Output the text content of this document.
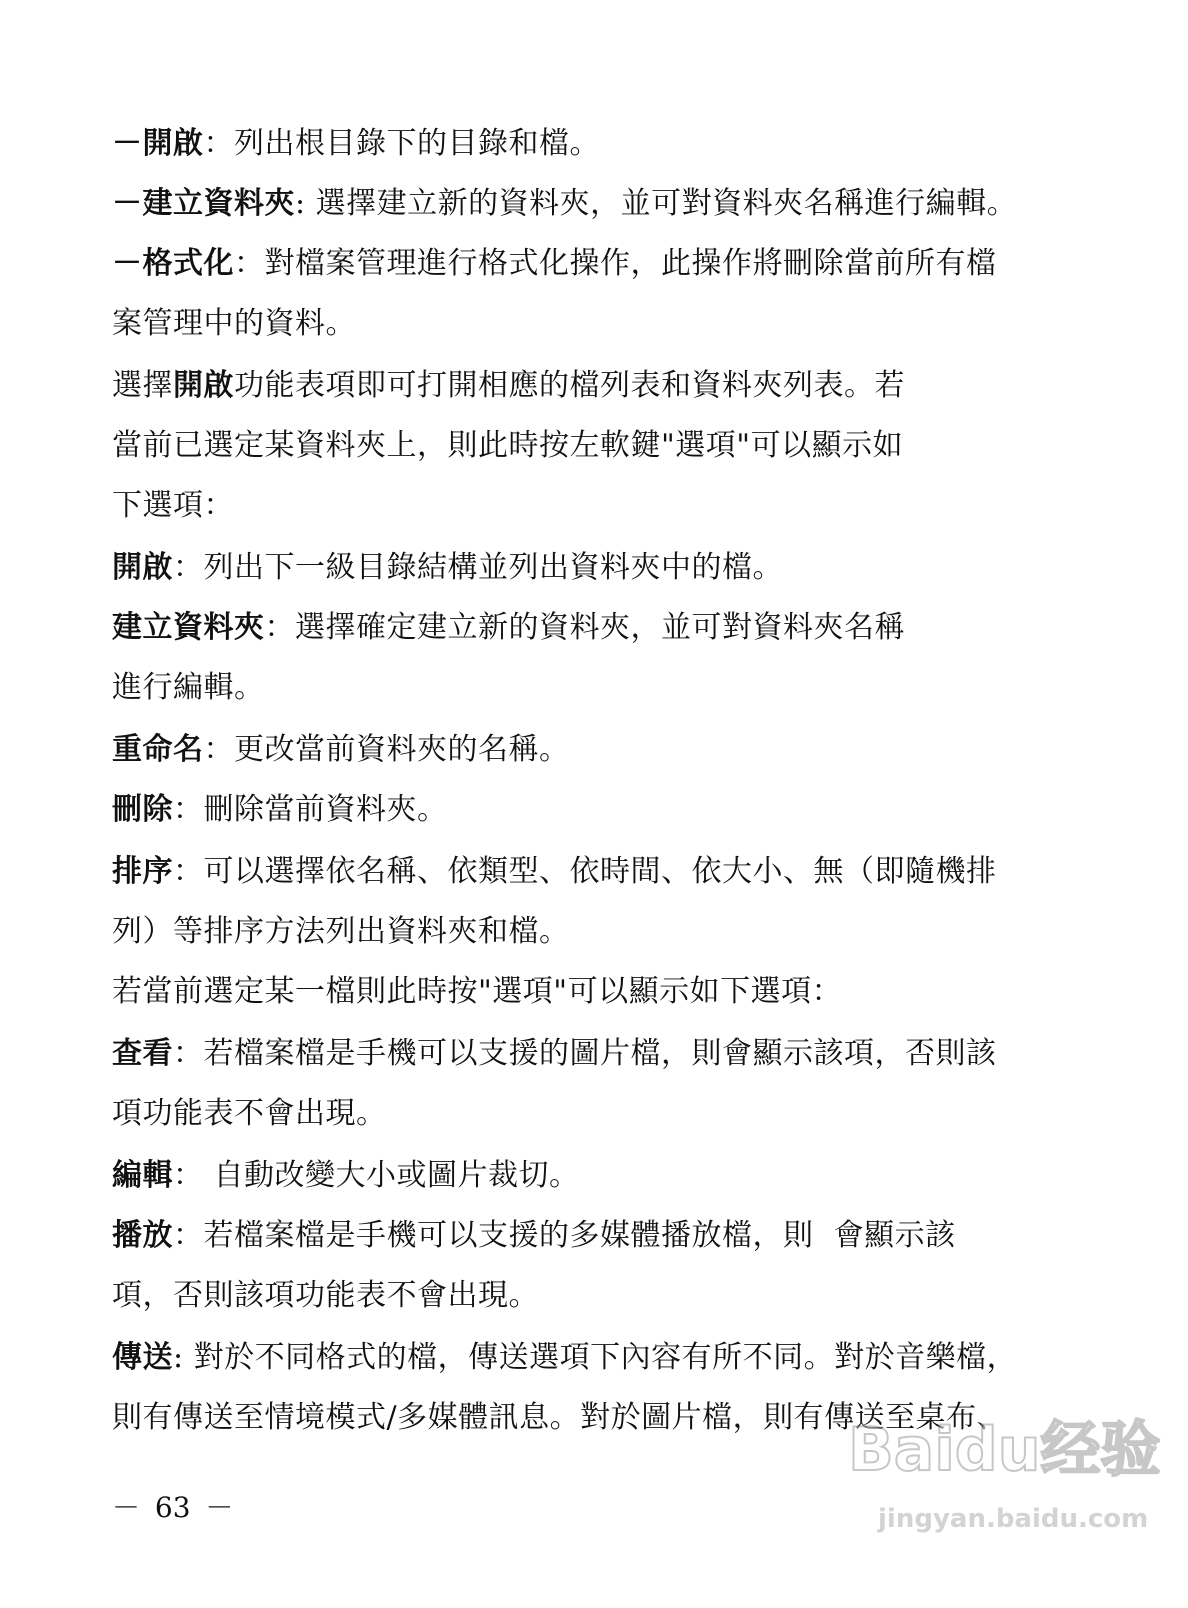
－開啟：列出根目錄下的目錄和檔。
－建立資料夾: 選擇建立新的資料夾，並可對資料夾名稱進行編輯。
－格式化：對檔案管理進行格式化操作，此操作將刪除當前所有檔
案管理中的資料。
選擇開啟功能表項即可打開相應的檔列表和資料夾列表。若
當前已選定某資料夾上，則此時按左軟鍵"選項"可以顯示如
下選項：
開啟：列出下一級目錄結構並列出資料夾中的檔。
建立資料夾：選擇確定建立新的資料夾，並可對資料夾名稱
進行編輯。
重命名：更改當前資料夾的名稱。
刪除：刪除當前資料夾。
排序：可以選擇依名稱、依類型、依時間、依大小、無（即隨機排
列）等排序方法列出資料夾和檔。
若當前選定某一檔則此時按"選項"可以顯示如下選項：
查看：若檔案檔是手機可以支援的圖片檔，則會顯示該項，否則該
項功能表不會出現。
編輯： 自動改變大小或圖片裁切。
播放：若檔案檔是手機可以支援的多媒體播放檔，則  會顯示該
項，否則該項功能表不會出現。
傳送: 對於不同格式的檔，傳送選項下內容有所不同。對於音樂檔，
則有傳送至情境模式/多媒體訊息。對於圖片檔，則有傳送至桌布、
Baidu经验
jingyan.baidu.com
－ 63 －
